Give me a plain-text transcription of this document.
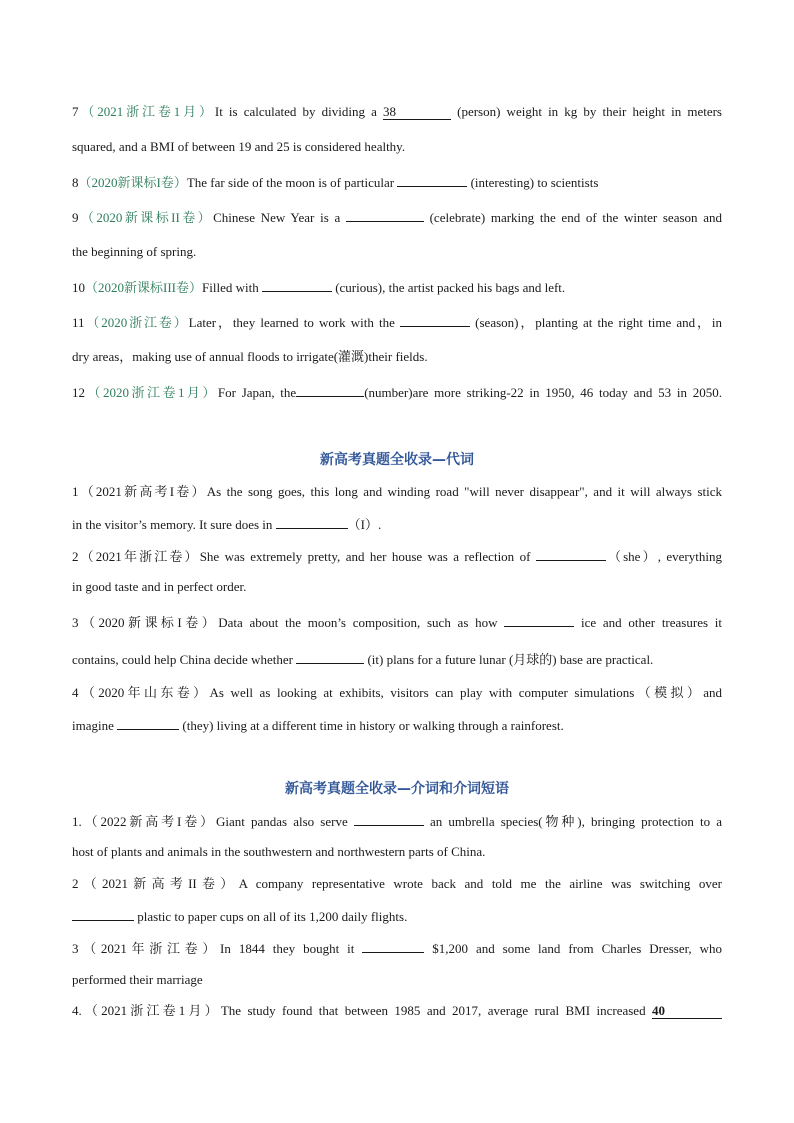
7（2021浙江卷1月）It is calculated by dividing a 38	(person) weight in kg by their height in meters
squared, and a BMI of between 19 and 25 is considered healthy.
8（2020新课标I卷）The far side of the moon is of particular	(interesting) to scientists
9（2020新课标II卷）Chinese New Year is a	(celebrate) marking the end of the winter season and
the beginning of spring.
10（2020新课标III卷）Filled with	(curious), the artist packed his bags and left.
11（2020浙江卷）Later，they learned to work with the	(season)，planting at the right time and，in
dry areas，making use of annual floods to irrigate(灌溉)their fields.
12（2020浙江卷1月）For Japan, the	(number)are more striking-22 in 1950, 46 today and 53 in 2050.
新高考真题全收录—代词
1（2021新高考I卷）As the song goes, this long and winding road "will never disappear", and it will always stick
in the visitor’s memory. It sure does in	（I）.
2（2021年浙江卷）She was extremely pretty, and her house was a reflection of	（she）, everything
in good taste and in perfect order.
3（2020新课标I卷）Data about the moon’s composition, such as how	ice and other treasures it
contains, could help China decide whether	(it) plans for a future lunar (月球的) base are practical.
4（2020年山东卷）As well as looking at exhibits, visitors can play with computer simulations（模拟）and
imagine	(they) living at a different time in history or walking through a rainforest.
新高考真题全收录—介词和介词短语
1.（2022新高考I卷）Giant pandas also serve	an umbrella species(物种), bringing protection to a
host of plants and animals in the southwestern and northwestern parts of China.
2（2021新高考II卷）A company representative wrote back and told me the airline was switching over
plastic to paper cups on all of its 1,200 daily flights.
3（2021年浙江卷）In 1844 they bought it	$1,200 and some land from Charles Dresser, who
performed their marriage
4.（2021浙江卷1月）The study found that between 1985 and 2017, average rural BMI increased 40
